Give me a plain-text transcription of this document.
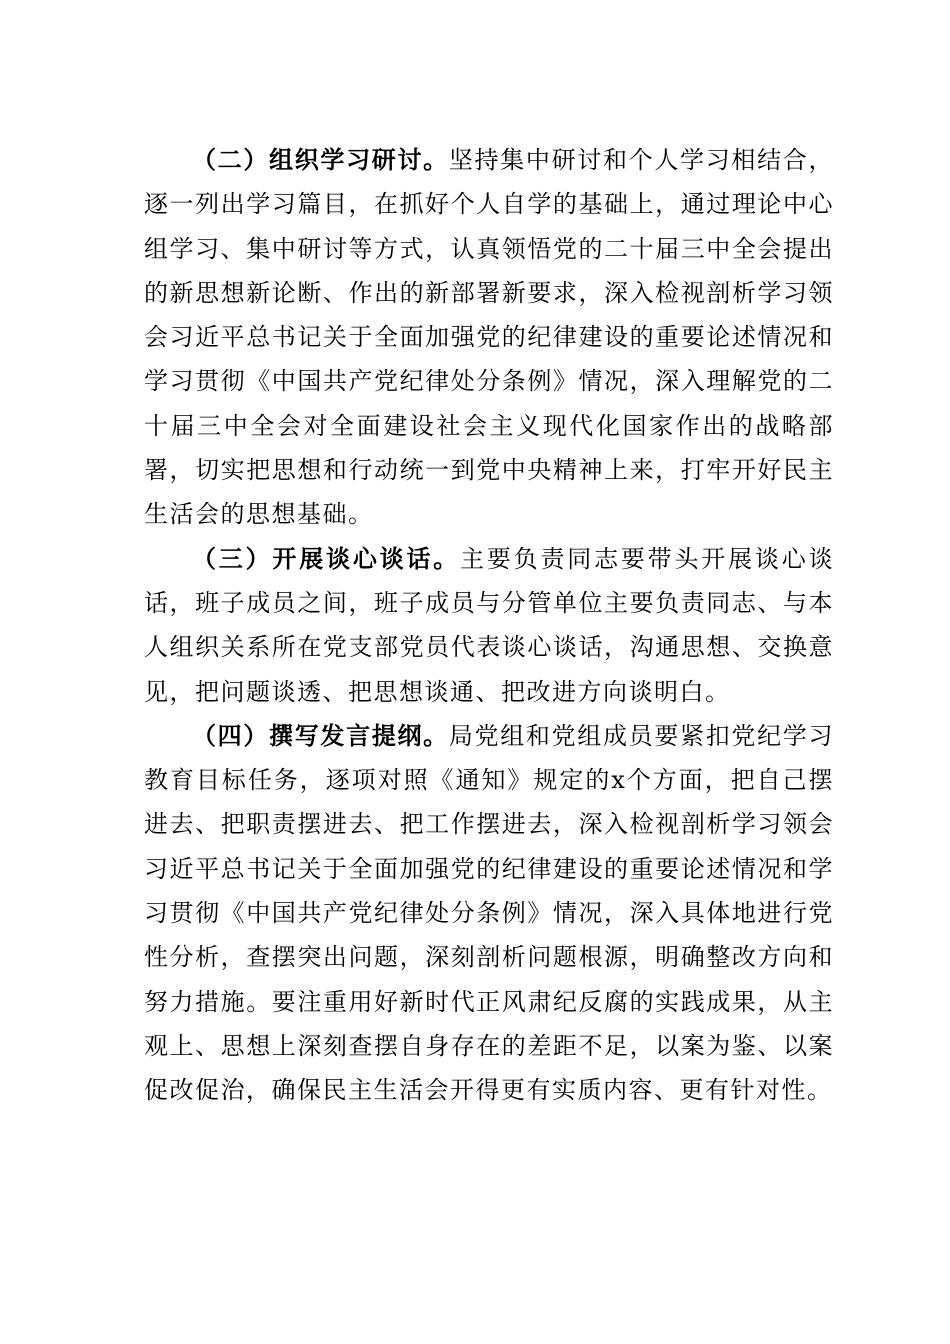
（二）组织学习研讨。坚持集中研讨和个人学习相结合，逐一列出学习篇目，在抓好个人自学的基础上，通过理论中心组学习、集中研讨等方式，认真领悟党的二十届三中全会提出的新思想新论断、作出的新部署新要求，深入检视剖析学习领会习近平总书记关于全面加强党的纪律建设的重要论述情况和学习贯彻《中国共产党纪律处分条例》情况，深入理解党的二十届三中全会对全面建设社会主义现代化国家作出的战略部署，切实把思想和行动统一到党中央精神上来，打牢开好民主生活会的思想基础。

（三）开展谈心谈话。主要负责同志要带头开展谈心谈话，班子成员之间，班子成员与分管单位主要负责同志、与本人组织关系所在党支部党员代表谈心谈话，沟通思想、交换意见，把问题谈透、把思想谈通、把改进方向谈明白。

（四）撰写发言提纲。局党组和党组成员要紧扣党纪学习教育目标任务，逐项对照《通知》规定的x个方面，把自己摆进去、把职责摆进去、把工作摆进去，深入检视剖析学习领会习近平总书记关于全面加强党的纪律建设的重要论述情况和学习贯彻《中国共产党纪律处分条例》情况，深入具体地进行党性分析，查摆突出问题，深刻剖析问题根源，明确整改方向和努力措施。要注重用好新时代正风肃纪反腐的实践成果，从主观上、思想上深刻查摆自身存在的差距不足，以案为鉴、以案促改促治，确保民主生活会开得更有实质内容、更有针对性。
